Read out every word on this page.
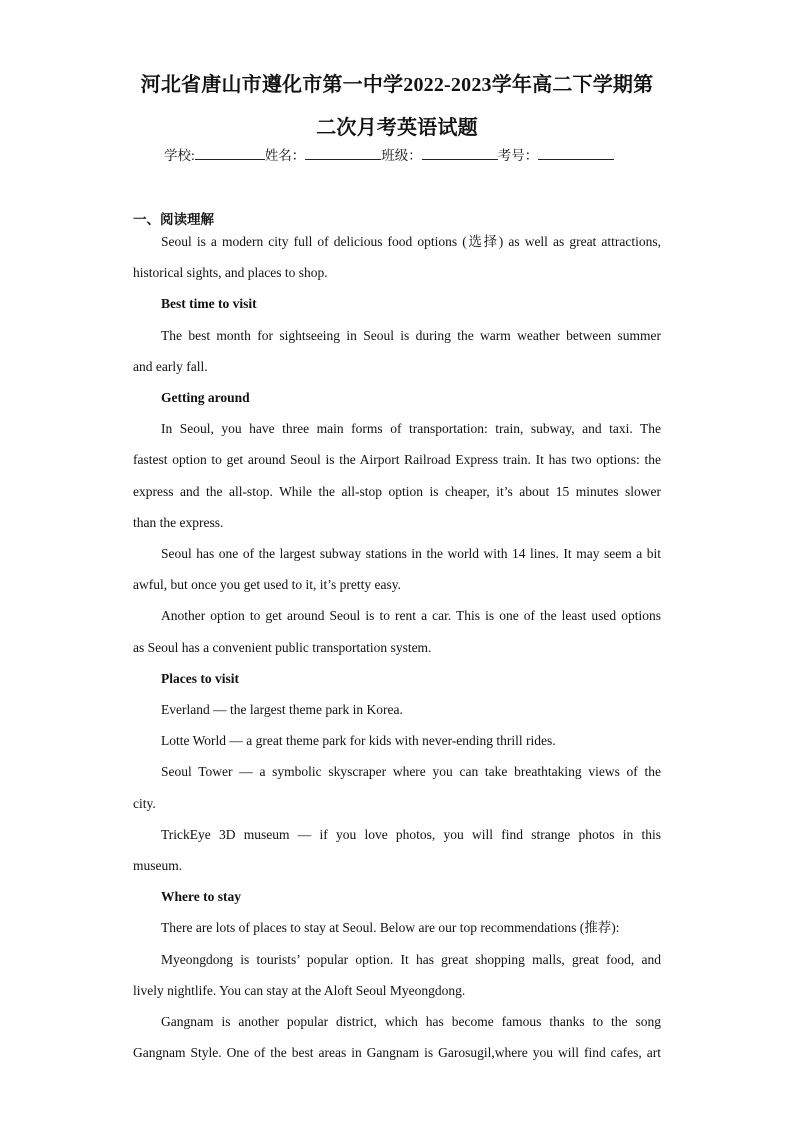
河北省唐山市遵化市第一中学2022-2023学年高二下学期第
二次月考英语试题
学校:	姓名：	班级：	考号：
一、阅读理解
Seoul is a modern city full of delicious food options (选择) as well as great attractions,
historical sights, and places to shop.
Best time to visit
The best month for sightseeing in Seoul is during the warm weather between summer
and early fall.
Getting around
In Seoul, you have three main forms of transportation: train, subway, and taxi. The
fastest option to get around Seoul is the Airport Railroad Express train. It has two options: the
express and the all-stop. While the all-stop option is cheaper, it’s about 15 minutes slower
than the express.
Seoul has one of the largest subway stations in the world with 14 lines. It may seem a bit
awful, but once you get used to it, it’s pretty easy.
Another option to get around Seoul is to rent a car. This is one of the least used options
as Seoul has a convenient public transportation system.
Places to visit
Everland — the largest theme park in Korea.
Lotte World — a great theme park for kids with never-ending thrill rides.
Seoul Tower — a symbolic skyscraper where you can take breathtaking views of the
city.
TrickEye 3D museum — if you love photos, you will find strange photos in this
museum.
Where to stay
There are lots of places to stay at Seoul. Below are our top recommendations (推荐):
Myeongdong is tourists’ popular option. It has great shopping malls, great food, and
lively nightlife. You can stay at the Aloft Seoul Myeongdong.
Gangnam is another popular district, which has become famous thanks to the song
Gangnam Style. One of the best areas in Gangnam is Garosugil,where you will find cafes, art
